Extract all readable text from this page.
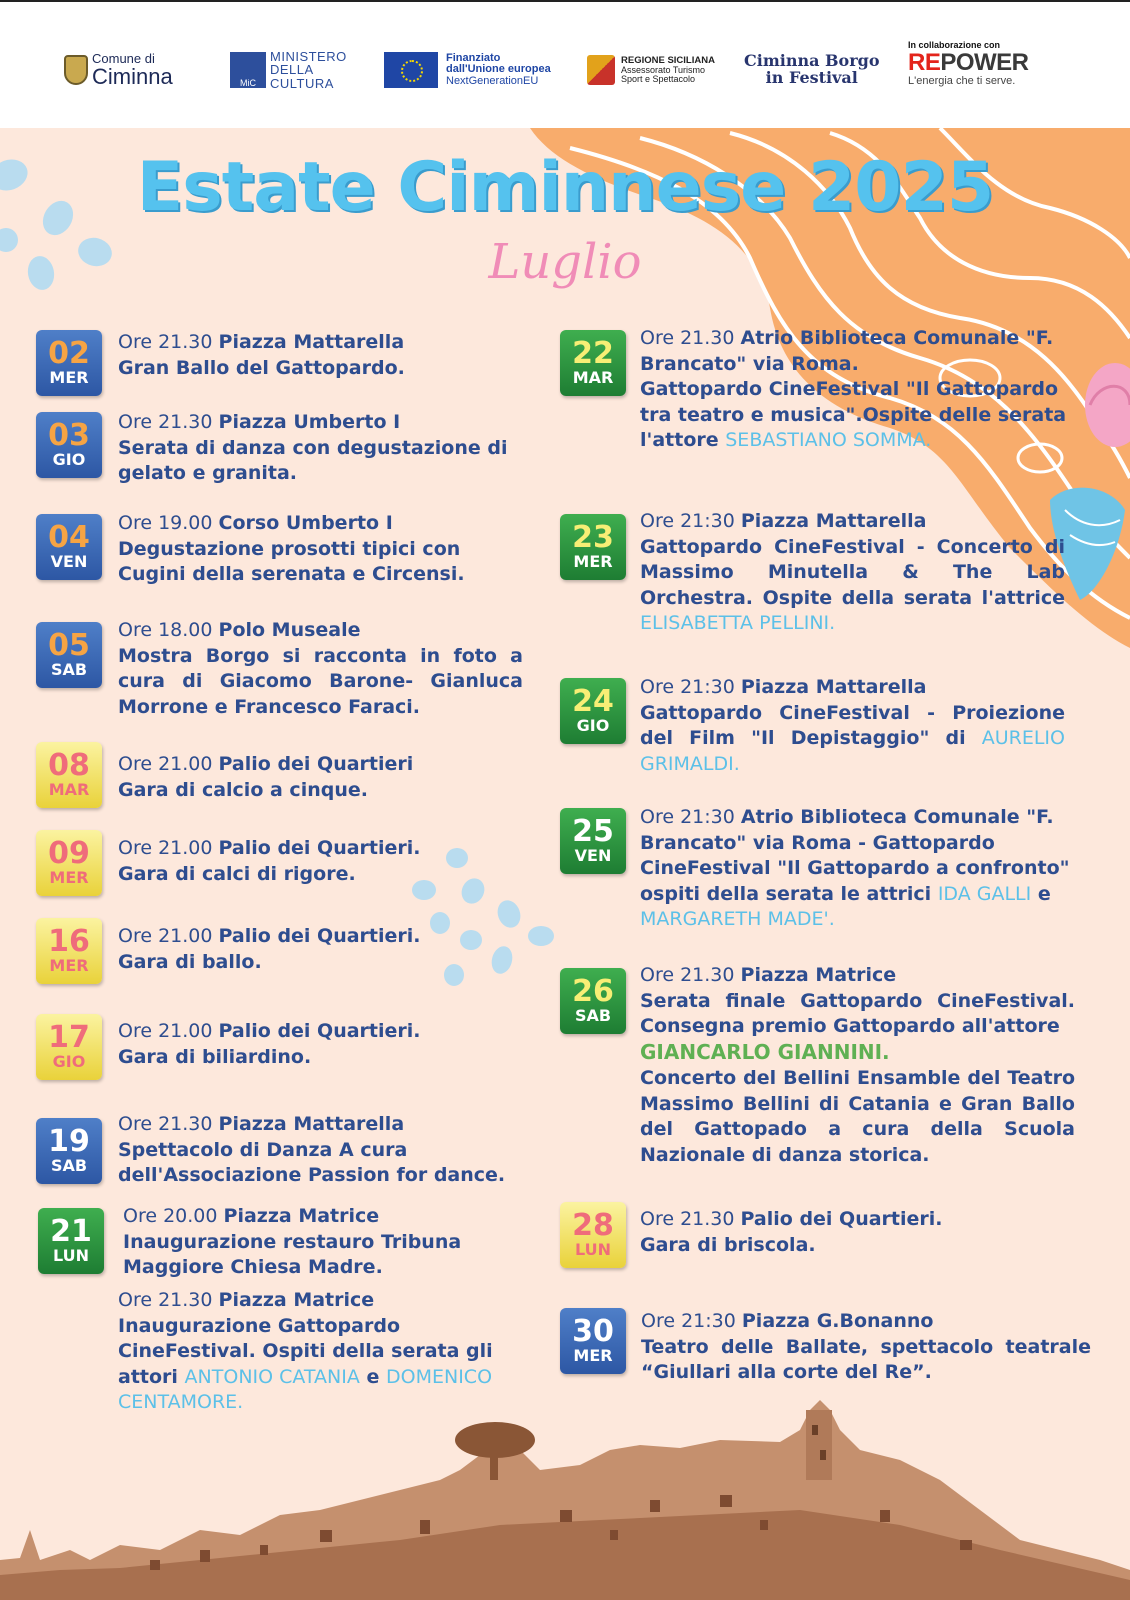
Comune di
Ciminna	MiC
MINISTERO
DELLA
CULTURA
Finanziato
dall'Unione europea
NextGenerationEU
REGIONE SICILIANA
Assessorato Turismo
Sport e Spettacolo
Ciminna Borgo
in Festival
In collaborazione con
REPOWER
L'energia che ti serve.
Estate Ciminnese 2025
Luglio
02
MER
Ore 21.30 Piazza Mattarella
Gran Ballo del Gattopardo.
03
GIO
Ore 21.30 Piazza Umberto I
Serata di danza con degustazione di gelato e granita.
04
VEN
Ore 19.00 Corso Umberto I
Degustazione prosotti tipici con Cugini della serenata e Circensi.
05
SAB
Ore 18.00 Polo Museale
Mostra Borgo si racconta in foto a cura di Giacomo Barone- Gianluca Morrone e Francesco Faraci.
08
MAR
Ore 21.00 Palio dei Quartieri
Gara di calcio a cinque.
09
MER
Ore 21.00 Palio dei Quartieri.
Gara di calci di rigore.
16
MER
Ore 21.00 Palio dei Quartieri.
Gara di ballo.
17
GIO
Ore 21.00 Palio dei Quartieri.
Gara di biliardino.
19
SAB
Ore 21.30 Piazza Mattarella
Spettacolo di Danza A cura dell'Associazione Passion for dance.
21
LUN
Ore 20.00 Piazza Matrice
Inaugurazione restauro Tribuna Maggiore Chiesa Madre.
Ore 21.30 Piazza Matrice
Inaugurazione Gattopardo CineFestival. Ospiti della serata gli attori ANTONIO CATANIA e DOMENICO CENTAMORE.
22
MAR
Ore 21.30 Atrio Biblioteca Comunale "F. Brancato" via Roma.
Gattopardo CineFestival "Il Gattopardo tra teatro e musica".Ospite delle serata l'attore SEBASTIANO SOMMA.
23
MER
Ore 21:30 Piazza Mattarella
Gattopardo CineFestival - Concerto di Massimo Minutella & The Lab Orchestra. Ospite della serata l'attrice ELISABETTA PELLINI.
24
GIO
Ore 21:30 Piazza Mattarella
Gattopardo CineFestival - Proiezione del Film "Il Depistaggio" di AURELIO GRIMALDI.
25
VEN
Ore 21:30 Atrio Biblioteca Comunale "F. Brancato" via Roma - Gattopardo CineFestival "Il Gattopardo a confronto" ospiti della serata le attrici IDA GALLI e MARGARETH MADE'.
26
SAB
Ore 21.30 Piazza Matrice
Serata finale Gattopardo CineFestival. Consegna premio Gattopardo all'attore
GIANCARLO GIANNINI.
Concerto del Bellini Ensamble del Teatro Massimo Bellini di Catania e Gran Ballo del Gattopado a cura della Scuola Nazionale di danza storica.
28
LUN
Ore 21.30 Palio dei Quartieri.
Gara di briscola.
30
MER
Ore 21:30 Piazza G.Bonanno
Teatro delle Ballate, spettacolo teatrale “Giullari alla corte del Re”.
